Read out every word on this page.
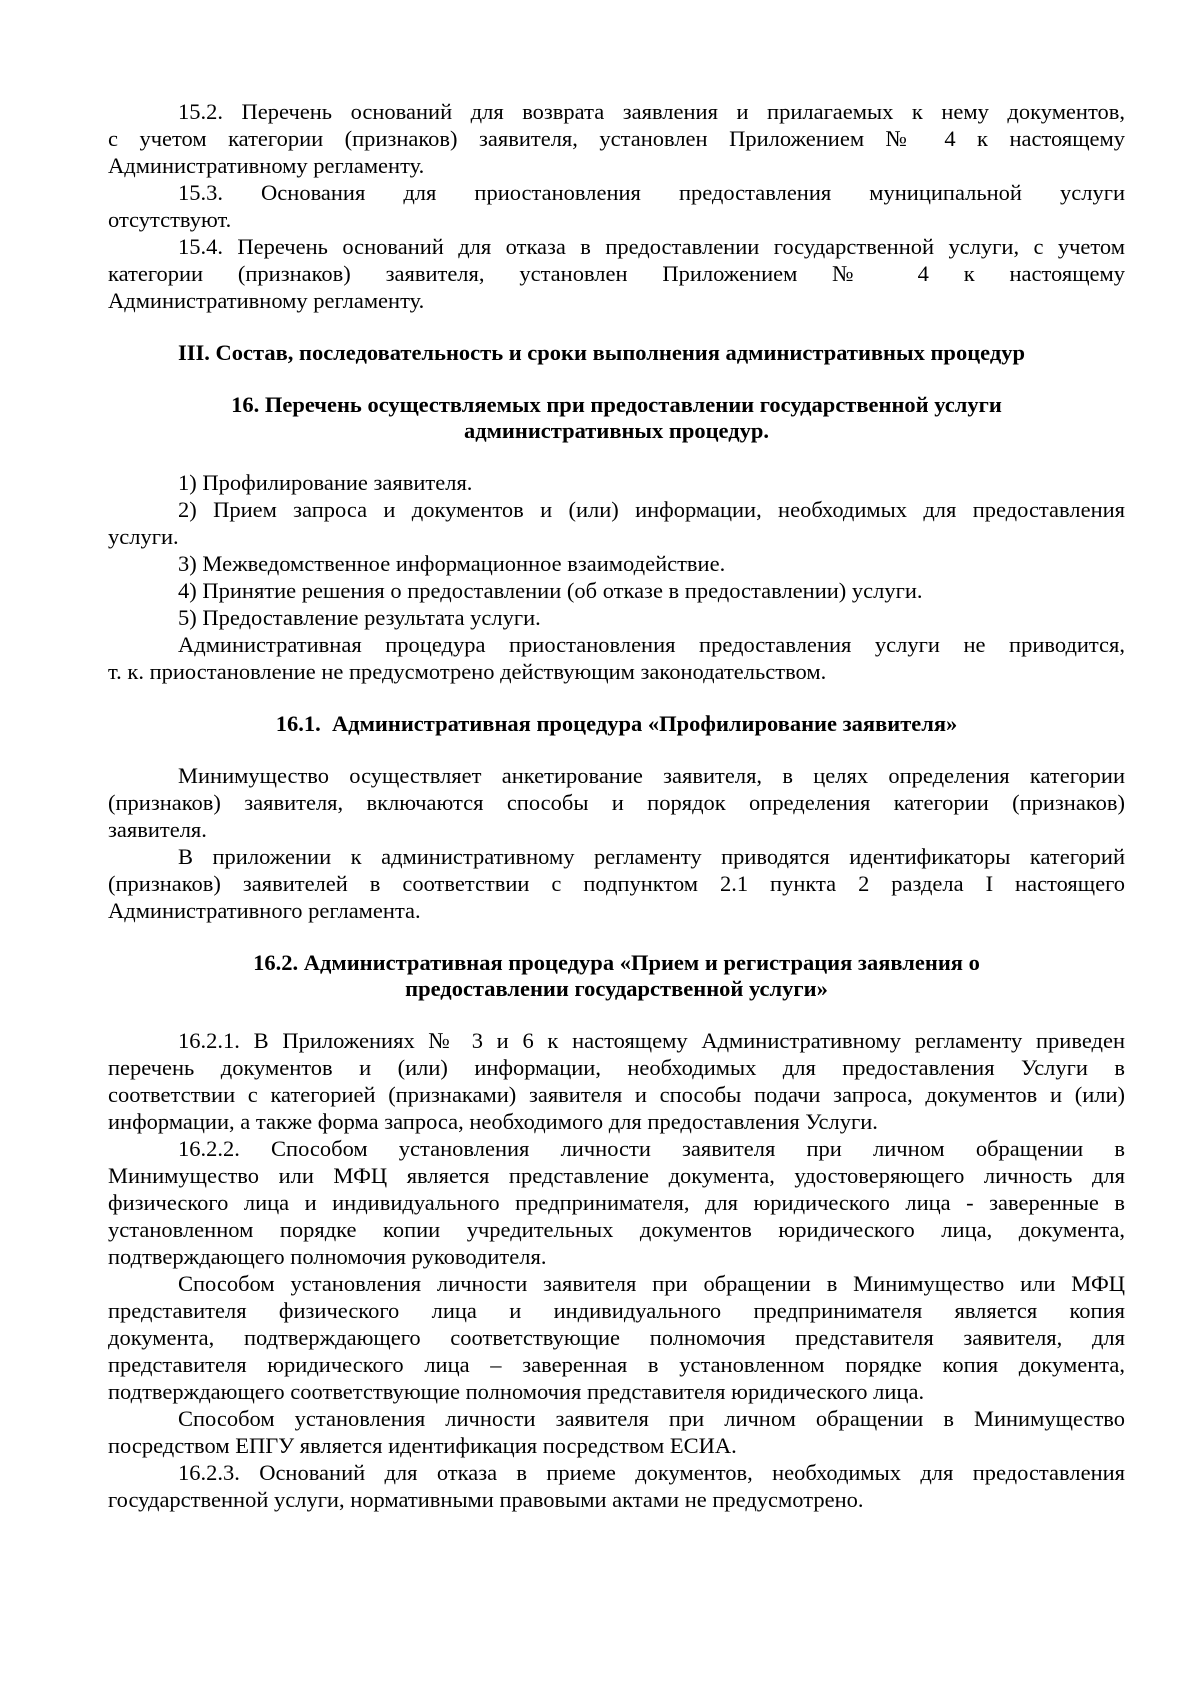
15.2. Перечень оснований для возврата заявления и прилагаемых к нему документов,
с учетом категории (признаков) заявителя, установлен Приложением № 4 к настоящему
Административному регламенту.
15.3. Основания для приостановления предоставления муниципальной услуги
отсутствуют.
15.4. Перечень оснований для отказа в предоставлении государственной услуги, с учетом
категории (признаков) заявителя, установлен Приложением № 4 к настоящему
Административному регламенту.
III. Состав, последовательность и сроки выполнения административных процедур
16. Перечень осуществляемых при предоставлении государственной услуги
административных процедур.
1) Профилирование заявителя.
2) Прием запроса и документов и (или) информации, необходимых для предоставления
услуги.
3) Межведомственное информационное взаимодействие.
4) Принятие решения о предоставлении (об отказе в предоставлении) услуги.
5) Предоставление результата услуги.
Административная процедура приостановления предоставления услуги не приводится,
т. к. приостановление не предусмотрено действующим законодательством.
16.1.  Административная процедура «Профилирование заявителя»
Минимущество осуществляет анкетирование заявителя, в целях определения категории
(признаков) заявителя, включаются способы и порядок определения категории (признаков)
заявителя.
В приложении к административному регламенту приводятся идентификаторы категорий
(признаков) заявителей в соответствии с подпунктом 2.1 пункта 2 раздела I настоящего
Административного регламента.
16.2. Административная процедура «Прием и регистрация заявления о
предоставлении государственной услуги»
16.2.1. В Приложениях № 3 и 6 к настоящему Административному регламенту приведен
перечень документов и (или) информации, необходимых для предоставления Услуги в
соответствии с категорией (признаками) заявителя и способы подачи запроса, документов и (или)
информации, а также форма запроса, необходимого для предоставления Услуги.
16.2.2. Способом установления личности заявителя при личном обращении в
Минимущество или МФЦ является представление документа, удостоверяющего личность для
физического лица и индивидуального предпринимателя, для юридического лица - заверенные в
установленном порядке копии учредительных документов юридического лица, документа,
подтверждающего полномочия руководителя.
Способом установления личности заявителя при обращении в Минимущество или МФЦ
представителя физического лица и индивидуального предпринимателя является копия
документа, подтверждающего соответствующие полномочия представителя заявителя, для
представителя юридического лица – заверенная в установленном порядке копия документа,
подтверждающего соответствующие полномочия представителя юридического лица.
Способом установления личности заявителя при личном обращении в Минимущество
посредством ЕПГУ является идентификация посредством ЕСИА.
16.2.3. Оснований для отказа в приеме документов, необходимых для предоставления
государственной услуги, нормативными правовыми актами не предусмотрено.
